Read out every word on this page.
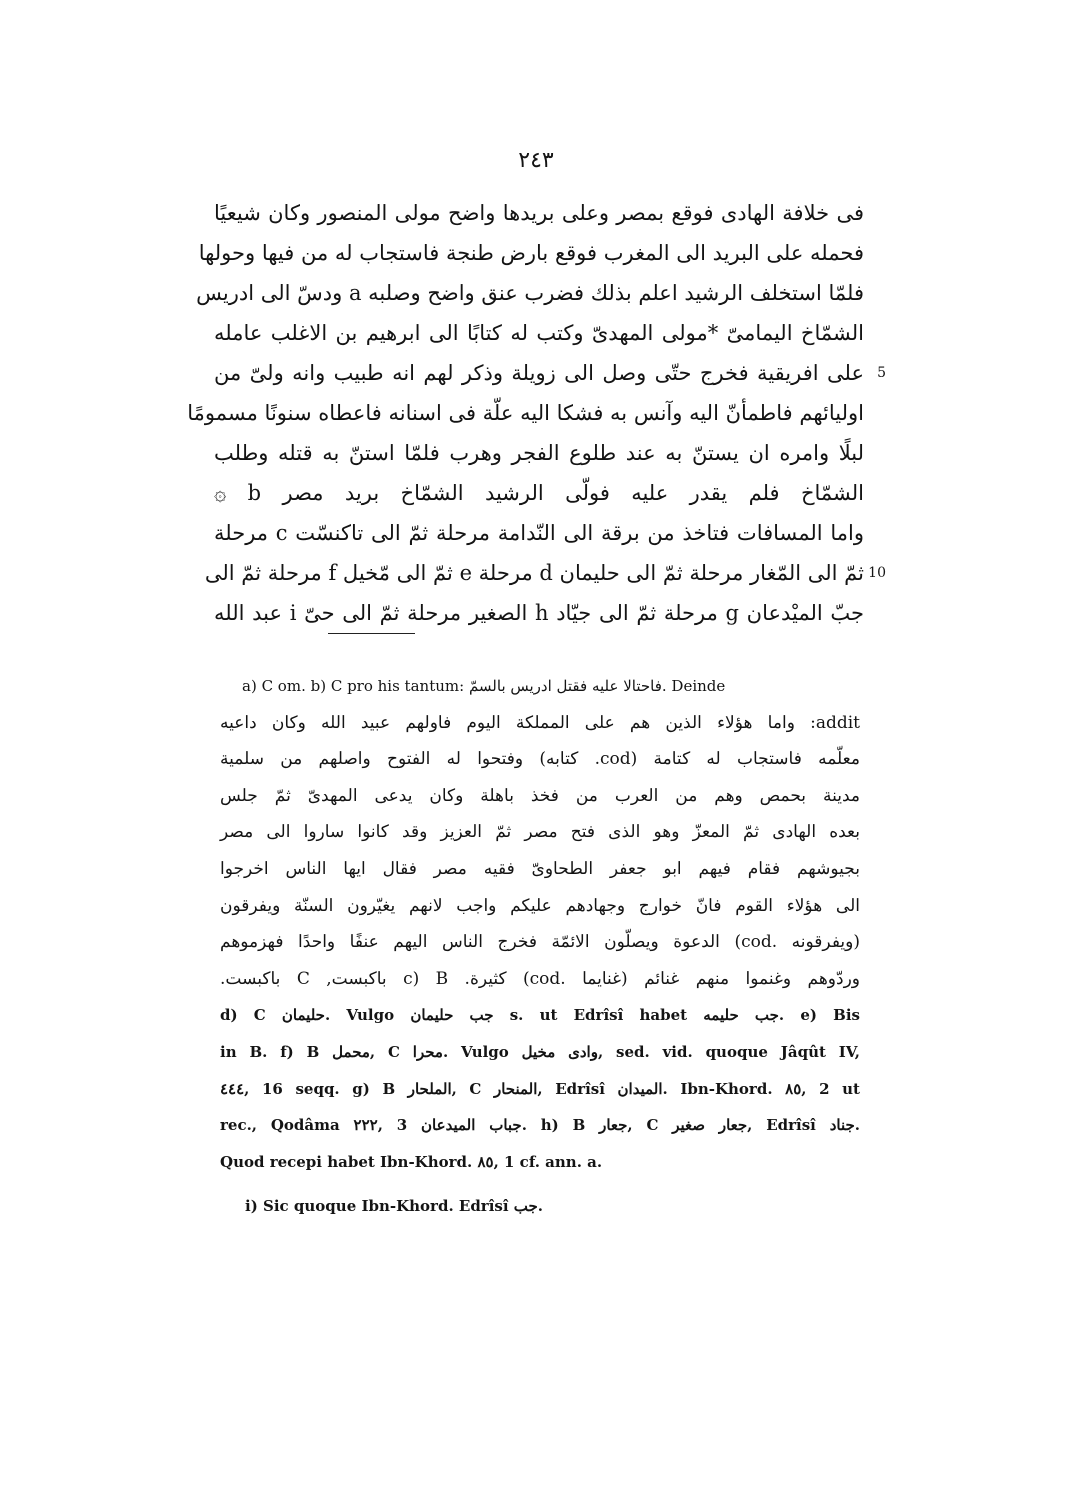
٢٤٣
فى خلافة الهادى فوقع بمصر وعلى بريدها واضح مولى المنصور وكان شيعيًا
فحمله على البريد الى المغرب فوقع بارض طنجة فاستجاب له من فيها وحولها
فلمّا استخلف الرشيد اعلم بذلك فضرب عنق واضح وصلبه a ودسّ الى ادريس
الشمّاخ اليمامىّ *مولى المهدىّ وكتب له كتابًا الى ابرهيم بن الاغلب عامله
على افريقية فخرج حتّى وصل الى زويلة وذكر لهم انه طبيب وانه ولىّ من 5
اوليائهم فاطمأنّ اليه وآنس به فشكا اليه علّة فى اسنانه فاعطاه سنونًا مسمومًا
لبلًا وامره ان يستنّ به عند طلوع الفجر وهرب فلمّا استنّ به قتله وطلب
الشمّاخ فلم يقدر عليه فولّى الرشيد الشمّاخ بريد مصر b ۞
واما المسافات فتاخذ من برقة الى النّدامة مرحلة ثمّ الى تاكنسّت c مرحلة
ثمّ الى المّغار مرحلة ثمّ الى حليمان d مرحلة e ثمّ الى مّخيل f مرحلة ثمّ الى 10
جبّ الميْدعان g مرحلة ثمّ الى جيّاد h الصغير مرحلة ثمّ الى حىّ i عبد الله
a) C om. b) C pro his tantum: فاحتالا عليه فقتل ادريس بالسمّ. Deinde
addit: واما هؤلاء الذين هم على المملكة اليوم فاولهم عبيد الله وكان داعيه
معلّمه فاستجاب له كتامة (cod. كتابه) وفتحوا له الفتوح واصلهم من سلمية
مدينة بحمص وهم من العرب من فخذ باهلة وكان يدعى المهدىّ ثمّ جلس
بعده الهادى ثمّ المعزّ وهو الذى فتح مصر ثمّ العزيز وقد كانوا ساروا الى مصر
بجيوشهم فقام فيهم ابو جعفر الطحاوىّ فقيه مصر فقال ايها الناس اخرجوا
الى هؤلاء القوم فانّ خوارج وجهادهم عليكم واجب لانهم يغيّرون السنّة ويفرقون
(ويفرقونه .cod) الدعوة ويصلّون الائمّة فخرج الناس اليهم عنفًا واحدًا فهزموهم
وردّوهم وغنموا منهم غنائم (غنايما .cod) كثيرة. c) B باكبست, C باكبست.
d) C حليمان. Vulgo جب حليمان s. ut Edrîsî habet جب حليمه. e) Bis
in B. f) B محمل, C محرا. Vulgo وادى مخيل, sed. vid. quoque Jâqût IV,
٤٤٤, 16 seqq. g) B الملحار, C المنحار, Edrîsî الميدان. Ibn-Khord. ٨٥, 2 ut
rec., Qodâma ٢٢٢, 3 جباب الميدعان. h) B جعار, C جعار صغير, Edrîsî جناد.
Quod recepi habet Ibn-Khord. ٨٥, 1 cf. ann. a.
i) Sic quoque Ibn-Khord. Edrîsî جب.
